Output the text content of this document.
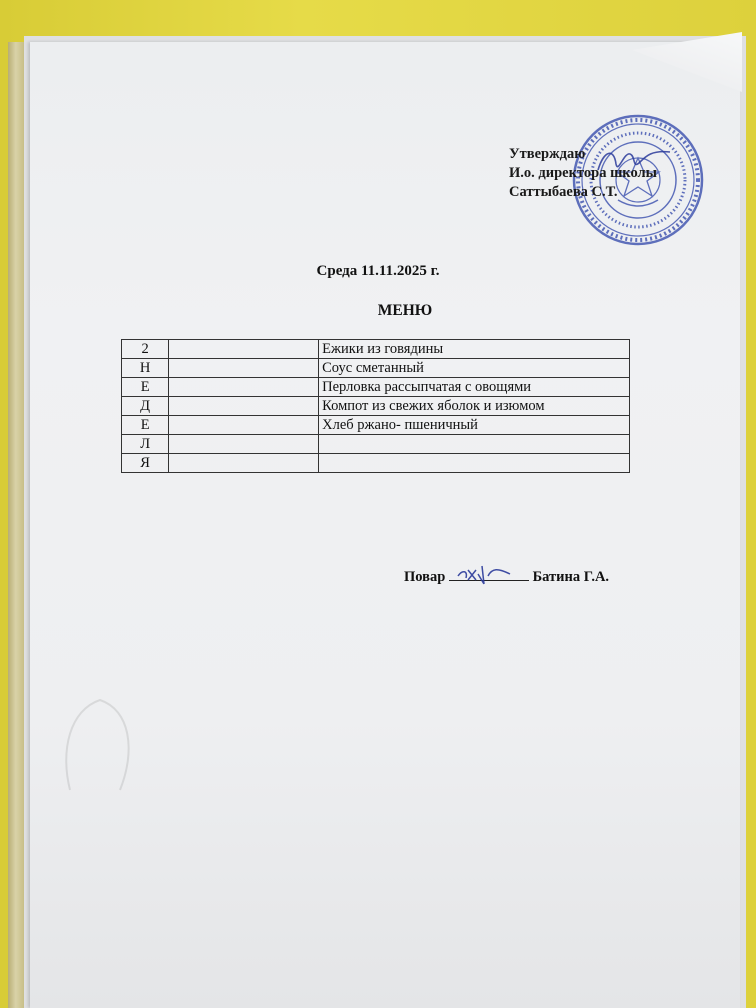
Утверждаю
И.о. директора школы
Саттыбаева С.Т.
Среда 11.11.2025 г.
МЕНЮ
2		Ежики из говядины
Н		Соус сметанный
Е		Перловка рассыпчатая с овощями
Д		Компот из свежих яболок и изюмом
Е		Хлеб ржано- пшеничный
Л		
Я		
Повар	Батина Г.А.
